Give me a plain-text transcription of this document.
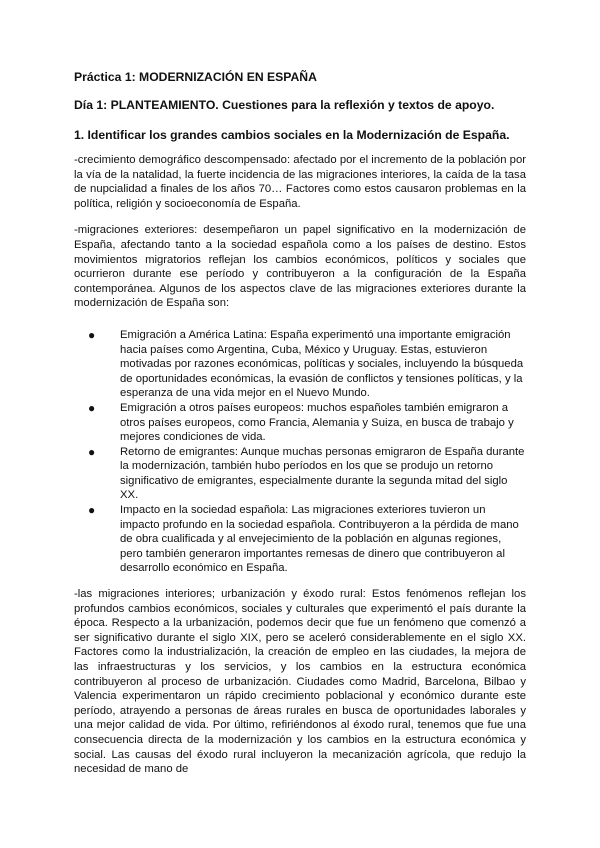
Práctica 1: MODERNIZACIÓN EN ESPAÑA

Día 1: PLANTEAMIENTO. Cuestiones para la reflexión y textos de apoyo.

1. Identificar los grandes cambios sociales en la Modernización de España.

-crecimiento demográfico descompensado: afectado por el incremento de la población por la vía de la natalidad, la fuerte incidencia de las migraciones interiores, la caída de la tasa de nupcialidad a finales de los años 70… Factores como estos causaron problemas en la política, religión y socioeconomía de España.

-migraciones exteriores: desempeñaron un papel significativo en la modernización de España, afectando tanto a la sociedad española como a los países de destino. Estos movimientos migratorios reflejan los cambios económicos, políticos y sociales que ocurrieron durante ese período y contribuyeron a la configuración de la España contemporánea. Algunos de los aspectos clave de las migraciones exteriores durante la modernización de España son:

● Emigración a América Latina: España experimentó una importante emigración hacia países como Argentina, Cuba, México y Uruguay. Estas, estuvieron motivadas por razones económicas, políticas y sociales, incluyendo la búsqueda de oportunidades económicas, la evasión de conflictos y tensiones políticas, y la esperanza de una vida mejor en el Nuevo Mundo.
● Emigración a otros países europeos: muchos españoles también emigraron a otros países europeos, como Francia, Alemania y Suiza, en busca de trabajo y mejores condiciones de vida.
● Retorno de emigrantes: Aunque muchas personas emigraron de España durante la modernización, también hubo períodos en los que se produjo un retorno significativo de emigrantes, especialmente durante la segunda mitad del siglo XX.
● Impacto en la sociedad española: Las migraciones exteriores tuvieron un impacto profundo en la sociedad española. Contribuyeron a la pérdida de mano de obra cualificada y al envejecimiento de la población en algunas regiones, pero también generaron importantes remesas de dinero que contribuyeron al desarrollo económico en España.

-las migraciones interiores; urbanización y éxodo rural: Estos fenómenos reflejan los profundos cambios económicos, sociales y culturales que experimentó el país durante la época. Respecto a la urbanización, podemos decir que fue un fenómeno que comenzó a ser significativo durante el siglo XIX, pero se aceleró considerablemente en el siglo XX. Factores como la industrialización, la creación de empleo en las ciudades, la mejora de las infraestructuras y los servicios, y los cambios en la estructura económica contribuyeron al proceso de urbanización. Ciudades como Madrid, Barcelona, Bilbao y Valencia experimentaron un rápido crecimiento poblacional y económico durante este período, atrayendo a personas de áreas rurales en busca de oportunidades laborales y una mejor calidad de vida. Por último, refiriéndonos al éxodo rural, tenemos que fue una consecuencia directa de la modernización y los cambios en la estructura económica y social. Las causas del éxodo rural incluyeron la mecanización agrícola, que redujo la necesidad de mano de
